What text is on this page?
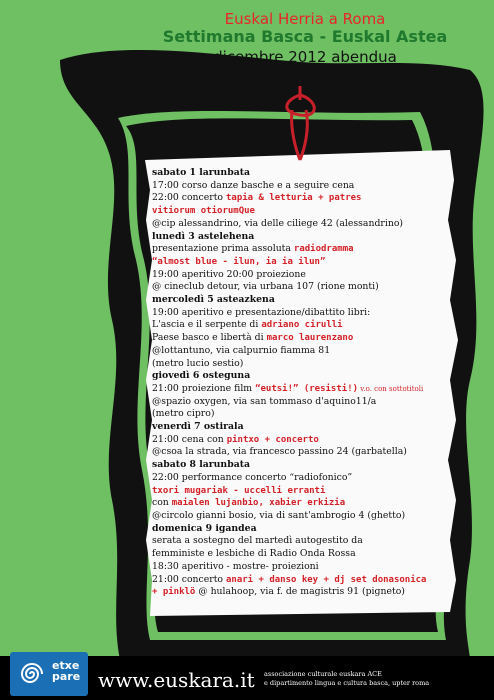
Euskal Herria a Roma
Settimana Basca - Euskal Astea
dicembre 2012 abendua
sabato 1 larunbata
17:00 corso danze basche e a seguire cena
22:00 concerto tapia & letturia + patres
vitiorum otiorumQue
@cip alessandrino, via delle ciliege 42 (alessandrino)
lunedì 3 astelehena
presentazione prima assoluta radiodramma
“almost blue - ilun, ia ia ilun”
19:00 aperitivo 20:00 proiezione
@ cineclub detour, via urbana 107 (rione monti)
mercoledì 5 asteazkena
19:00 aperitivo e presentazione/dibattito libri:
L'ascia e il serpente di adriano cirulli
Paese basco e libertà di marco laurenzano
@lottantuno, via calpurnio fiamma 81
(metro lucio sestio)
giovedì 6 osteguna
21:00 proiezione film “eutsi!” (resisti!) v.o. con sottotitoli
@spazio oxygen, via san tommaso d'aquino11/a
(metro cipro)
venerdì 7 ostirala
21:00 cena con pintxo + concerto
@csoa la strada, via francesco passino 24 (garbatella)
sabato 8 larunbata
22:00 performance concerto “radiofonico”
txori mugariak - uccelli erranti
con maialen lujanbio, xabier erkizia
@circolo gianni bosio, via di sant'ambrogio 4 (ghetto)
domenica 9 igandea
serata a sostegno del martedì autogestito da
femministe e lesbiche di Radio Onda Rossa
18:30 aperitivo - mostre- proiezioni
21:00 concerto anari + danso key + dj set donasonica
+ pinklö @ hulahoop, via f. de magistris 91 (pigneto)
etxe
pare www.euskara.it associazione culturale euskara ACE
e dipartimento lingua e cultura basca, upter roma
